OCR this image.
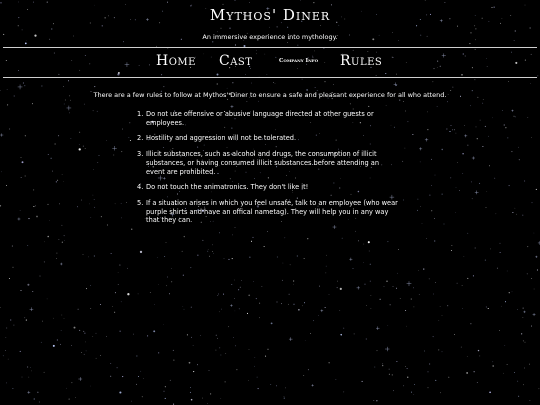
Mythos' Diner
An immersive experience into mythology.
Home Cast	Company Info Rules

There are a few rules to follow at Mythos' Diner to ensure a safe and pleasant experience for all who attend.

1. Do not use offensive or abusive language directed at other guests or employees.
2. Hostility and aggression will not be tolerated.
3. Illicit substances, such as alcohol and drugs, the consumption of illicit substances, or having consumed illicit substances before attending an event are prohibited.
4. Do not touch the animatronics. They don't like it!
5. If a situation arises in which you feel unsafe, talk to an employee (who wear purple shirts and have an offical nametag). They will help you in any way that they can.
